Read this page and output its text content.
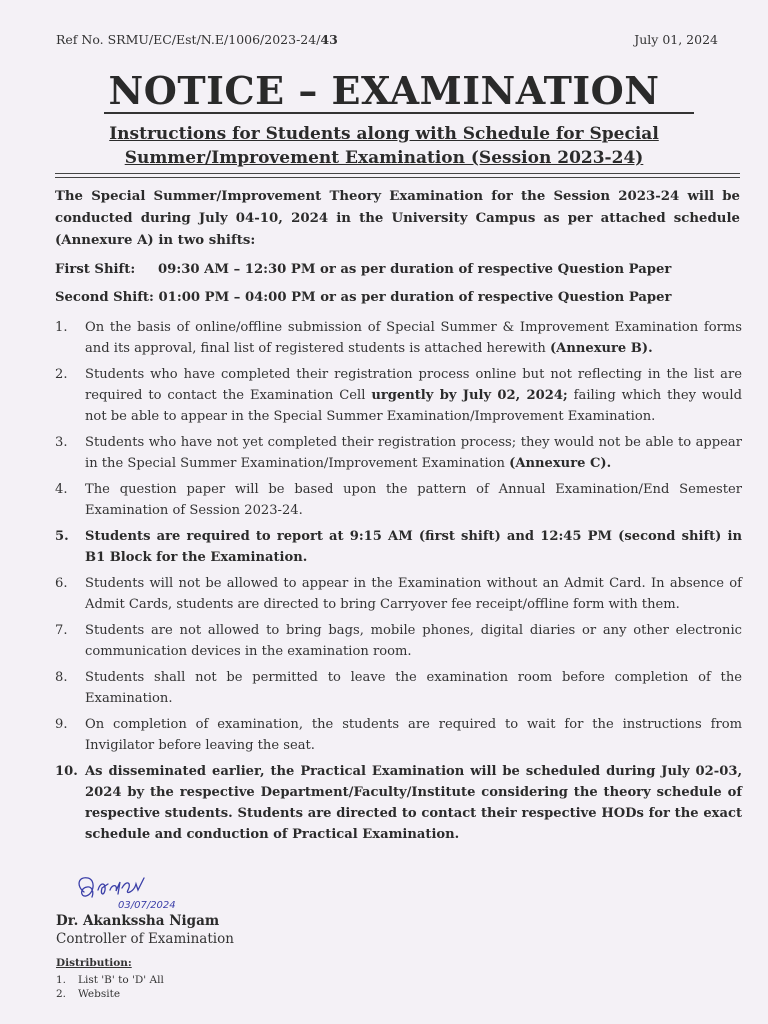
Ref No. SRMU/EC/Est/N.E/1006/2023-24/43	July 01, 2024
NOTICE – EXAMINATION
Instructions for Students along with Schedule for Special
Summer/Improvement Examination (Session 2023-24)
The Special Summer/Improvement Theory Examination for the Session 2023-24 will be conducted during July 04-10, 2024 in the University Campus as per attached schedule (Annexure A) in two shifts:
First Shift: 09:30 AM – 12:30 PM or as per duration of respective Question Paper
Second Shift: 01:00 PM – 04:00 PM or as per duration of respective Question Paper
1. On the basis of online/offline submission of Special Summer & Improvement Examination forms and its approval, final list of registered students is attached herewith (Annexure B).
2. Students who have completed their registration process online but not reflecting in the list are required to contact the Examination Cell urgently by July 02, 2024; failing which they would not be able to appear in the Special Summer Examination/Improvement Examination.
3. Students who have not yet completed their registration process; they would not be able to appear in the Special Summer Examination/Improvement Examination (Annexure C).
4. The question paper will be based upon the pattern of Annual Examination/End Semester Examination of Session 2023-24.
5. Students are required to report at 9:15 AM (first shift) and 12:45 PM (second shift) in B1 Block for the Examination.
6. Students will not be allowed to appear in the Examination without an Admit Card. In absence of Admit Cards, students are directed to bring Carryover fee receipt/offline form with them.
7. Students are not allowed to bring bags, mobile phones, digital diaries or any other electronic communication devices in the examination room.
8. Students shall not be permitted to leave the examination room before completion of the Examination.
9. On completion of examination, the students are required to wait for the instructions from Invigilator before leaving the seat.
10. As disseminated earlier, the Practical Examination will be scheduled during July 02-03, 2024 by the respective Department/Faculty/Institute considering the theory schedule of respective students. Students are directed to contact their respective HODs for the exact schedule and conduction of Practical Examination.
03/07/2024
Dr. Akankssha Nigam
Controller of Examination
Distribution:
1. List 'B' to 'D' All
2. Website
